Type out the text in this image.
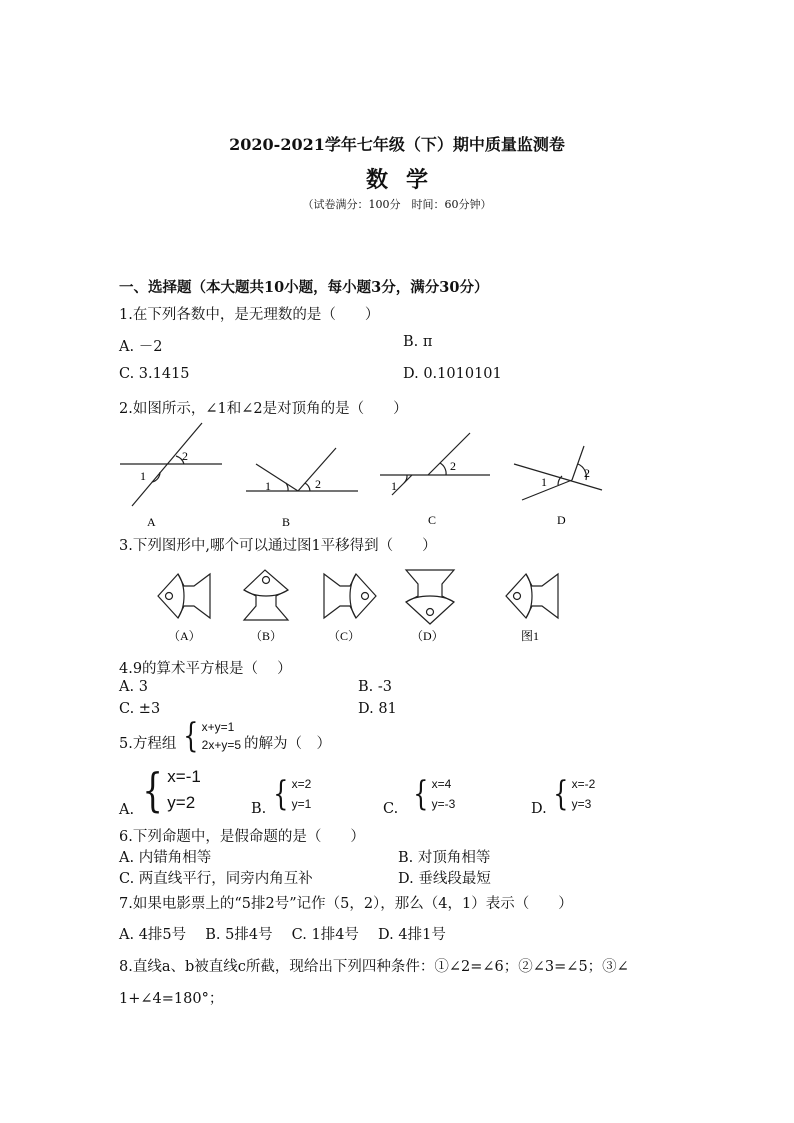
2020-2021学年七年级（下）期中质量监测卷
数学
（试卷满分：100分　时间：60分钟）
一、选择题（本大题共10小题，每小题3分，满分30分）
1.在下列各数中，是无理数的是（　　）
A. －2	B. π
C. 3.1415	D. 0.1010101
2.如图所示，∠1和∠2是对顶角的是（　　）
1
2
A
1	2
B
1
2
C
1
2
D
3.下列图形中,哪个可以通过图1平移得到（　　）
（A）	（B）	（C）	（D）	图1
4.9的算术平方根是（　 ）
A. 3	B. -3
C. ±3	D. 81
5.方程组 { x+y=1
2x+y=5 的解为（　）
A. { x=-1
y=2	B. { x=2
y=1	C. { x=4
y=-3	D. { x=-2
y=3
6.下列命题中，是假命题的是（　　）
A. 内错角相等	B. 对顶角相等
C. 两直线平行，同旁内角互补	D. 垂线段最短
7.如果电影票上的“5排2号”记作（5，2），那么（4，1）表示（　　）
A. 4排5号　 B. 5排4号　 C. 1排4号　 D. 4排1号
8.直线a、b被直线c所截，现给出下列四种条件：①∠2=∠6；②∠3=∠5；③∠
1+∠4=180°；
